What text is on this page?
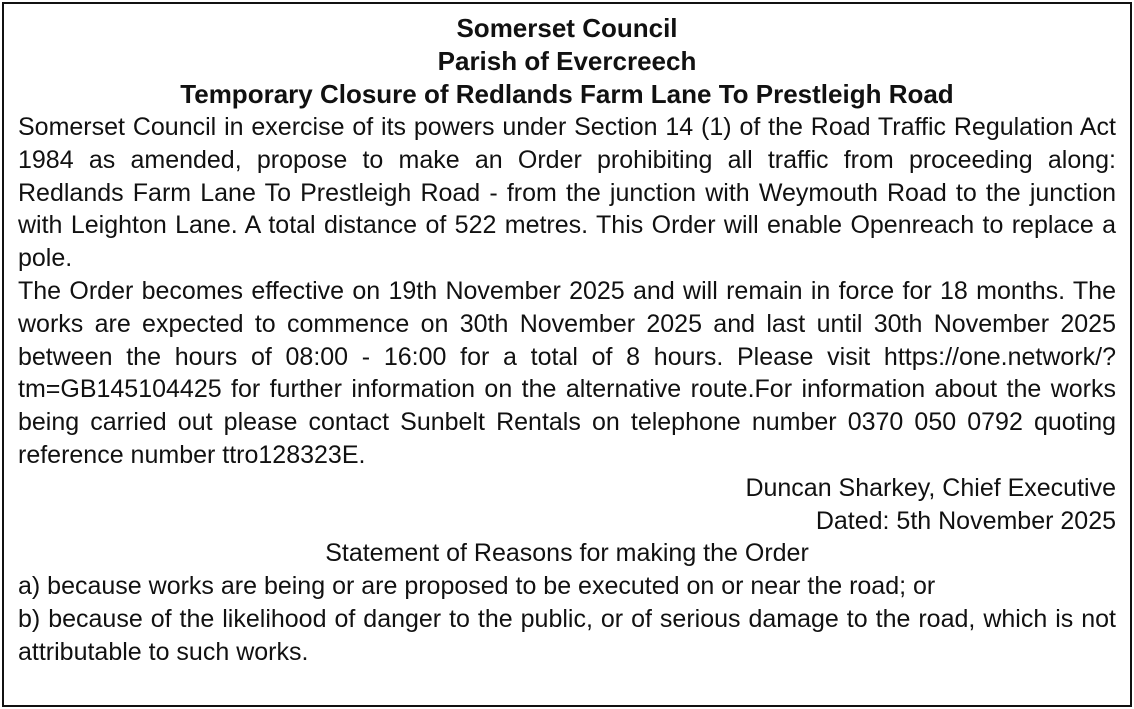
Somerset Council

Parish of Evercreech

Temporary Closure of Redlands Farm Lane To Prestleigh Road

Somerset Council in exercise of its powers under Section 14 (1) of the Road Traffic Regulation Act 1984 as amended, propose to make an Order prohibiting all traffic from proceeding along: Redlands Farm Lane To Prestleigh Road - from the junction with Weymouth Road to the junction with Leighton Lane. A total distance of 522 metres. This Order will enable Openreach to replace a pole.

The Order becomes effective on 19th November 2025 and will remain in force for 18 months. The works are expected to commence on 30th November 2025 and last until 30th November 2025 between the hours of 08:00 - 16:00 for a total of 8 hours. Please visit https://one.network/?tm=GB145104425 for further information on the alternative route.For information about the works being carried out please contact Sunbelt Rentals on telephone number 0370 050 0792 quoting reference number ttro128323E.

Duncan Sharkey, Chief Executive

Dated: 5th November 2025

Statement of Reasons for making the Order

a) because works are being or are proposed to be executed on or near the road; or

b) because of the likelihood of danger to the public, or of serious damage to the road, which is not attributable to such works.
